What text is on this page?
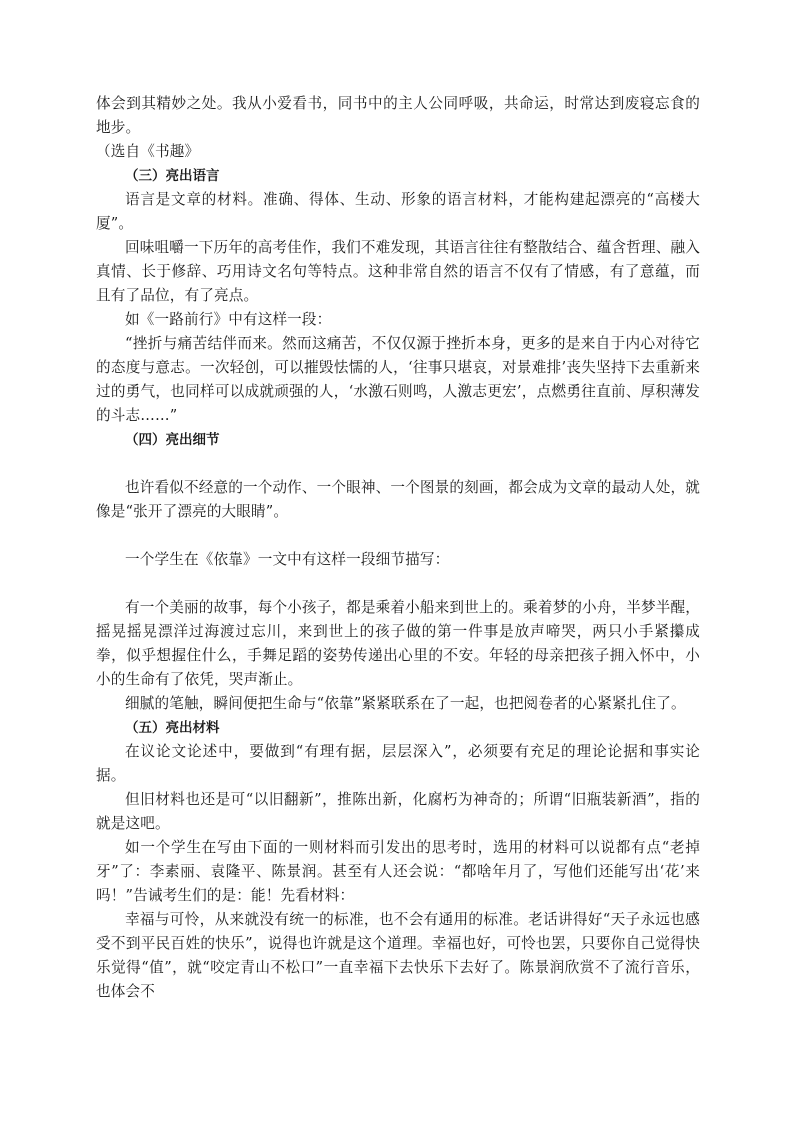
体会到其精妙之处。我从小爱看书，同书中的主人公同呼吸，共命运，时常达到废寝忘食的地步。

（选自《书趣》

（三）亮出语言

语言是文章的材料。准确、得体、生动、形象的语言材料，才能构建起漂亮的“高楼大厦”。

回味咀嚼一下历年的高考佳作，我们不难发现，其语言往往有整散结合、蕴含哲理、融入真情、长于修辞、巧用诗文名句等特点。这种非常自然的语言不仅有了情感，有了意蕴，而且有了品位，有了亮点。

如《一路前行》中有这样一段：

“挫折与痛苦结伴而来。然而这痛苦，不仅仅源于挫折本身，更多的是来自于内心对待它的态度与意志。一次轻创，可以摧毁怯懦的人，‘往事只堪哀，对景难排’丧失坚持下去重新来过的勇气，也同样可以成就顽强的人，‘水激石则鸣，人激志更宏’，点燃勇往直前、厚积薄发的斗志……”

（四）亮出细节

也许看似不经意的一个动作、一个眼神、一个图景的刻画，都会成为文章的最动人处，就像是“张开了漂亮的大眼睛”。

一个学生在《依靠》一文中有这样一段细节描写：

有一个美丽的故事，每个小孩子，都是乘着小船来到世上的。乘着梦的小舟，半梦半醒，摇晃摇晃漂洋过海渡过忘川，来到世上的孩子做的第一件事是放声啼哭，两只小手紧攥成拳，似乎想握住什么，手舞足蹈的姿势传递出心里的不安。年轻的母亲把孩子拥入怀中，小小的生命有了依凭，哭声渐止。

细腻的笔触，瞬间便把生命与“依靠”紧紧联系在了一起，也把阅卷者的心紧紧扎住了。

（五）亮出材料

在议论文论述中，要做到“有理有据，层层深入”，必须要有充足的理论论据和事实论据。

但旧材料也还是可“以旧翻新”，推陈出新，化腐朽为神奇的；所谓“旧瓶装新酒”，指的就是这吧。

如一个学生在写由下面的一则材料而引发出的思考时，选用的材料可以说都有点“老掉牙”了：李素丽、袁隆平、陈景润。甚至有人还会说：“都啥年月了，写他们还能写出‘花’来吗！”告诫考生们的是：能！先看材料：

幸福与可怜，从来就没有统一的标准，也不会有通用的标准。老话讲得好“天子永远也感受不到平民百姓的快乐”，说得也许就是这个道理。幸福也好，可怜也罢，只要你自己觉得快乐觉得“值”，就“咬定青山不松口”一直幸福下去快乐下去好了。陈景润欣赏不了流行音乐，也体会不
